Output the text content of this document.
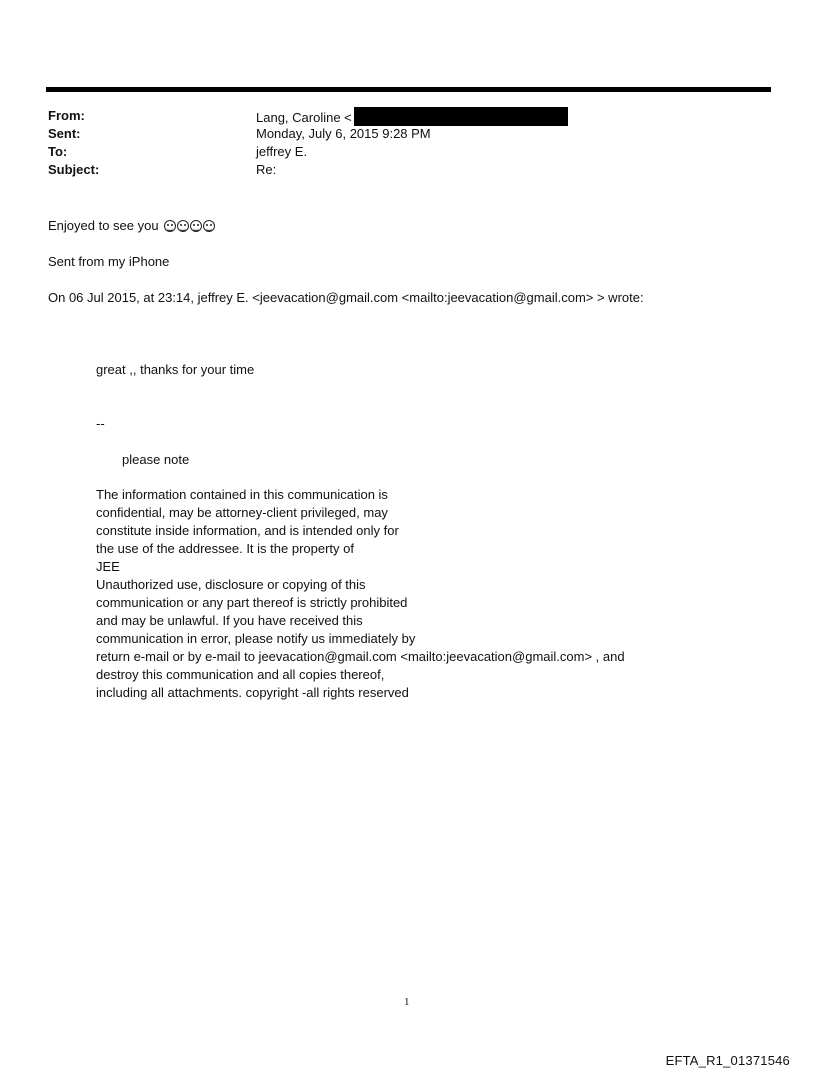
From:	Lang, Caroline <
Sent:	Monday, July 6, 2015 9:28 PM
To:	jeffrey E.
Subject:	Re:
Enjoyed to see you
Sent from my iPhone
On 06 Jul 2015, at 23:14, jeffrey E. <jeevacation@gmail.com <mailto:jeevacation@gmail.com> > wrote:
great ,, thanks for your time
--
please note
The information contained in this communication is
confidential, may be attorney-client privileged, may
constitute inside information, and is intended only for
the use of the addressee. It is the property of
JEE
Unauthorized use, disclosure or copying of this
communication or any part thereof is strictly prohibited
and may be unlawful. If you have received this
communication in error, please notify us immediately by
return e-mail or by e-mail to jeevacation@gmail.com <mailto:jeevacation@gmail.com> , and
destroy this communication and all copies thereof,
including all attachments. copyright -all rights reserved
1
EFTA_R1_01371546
